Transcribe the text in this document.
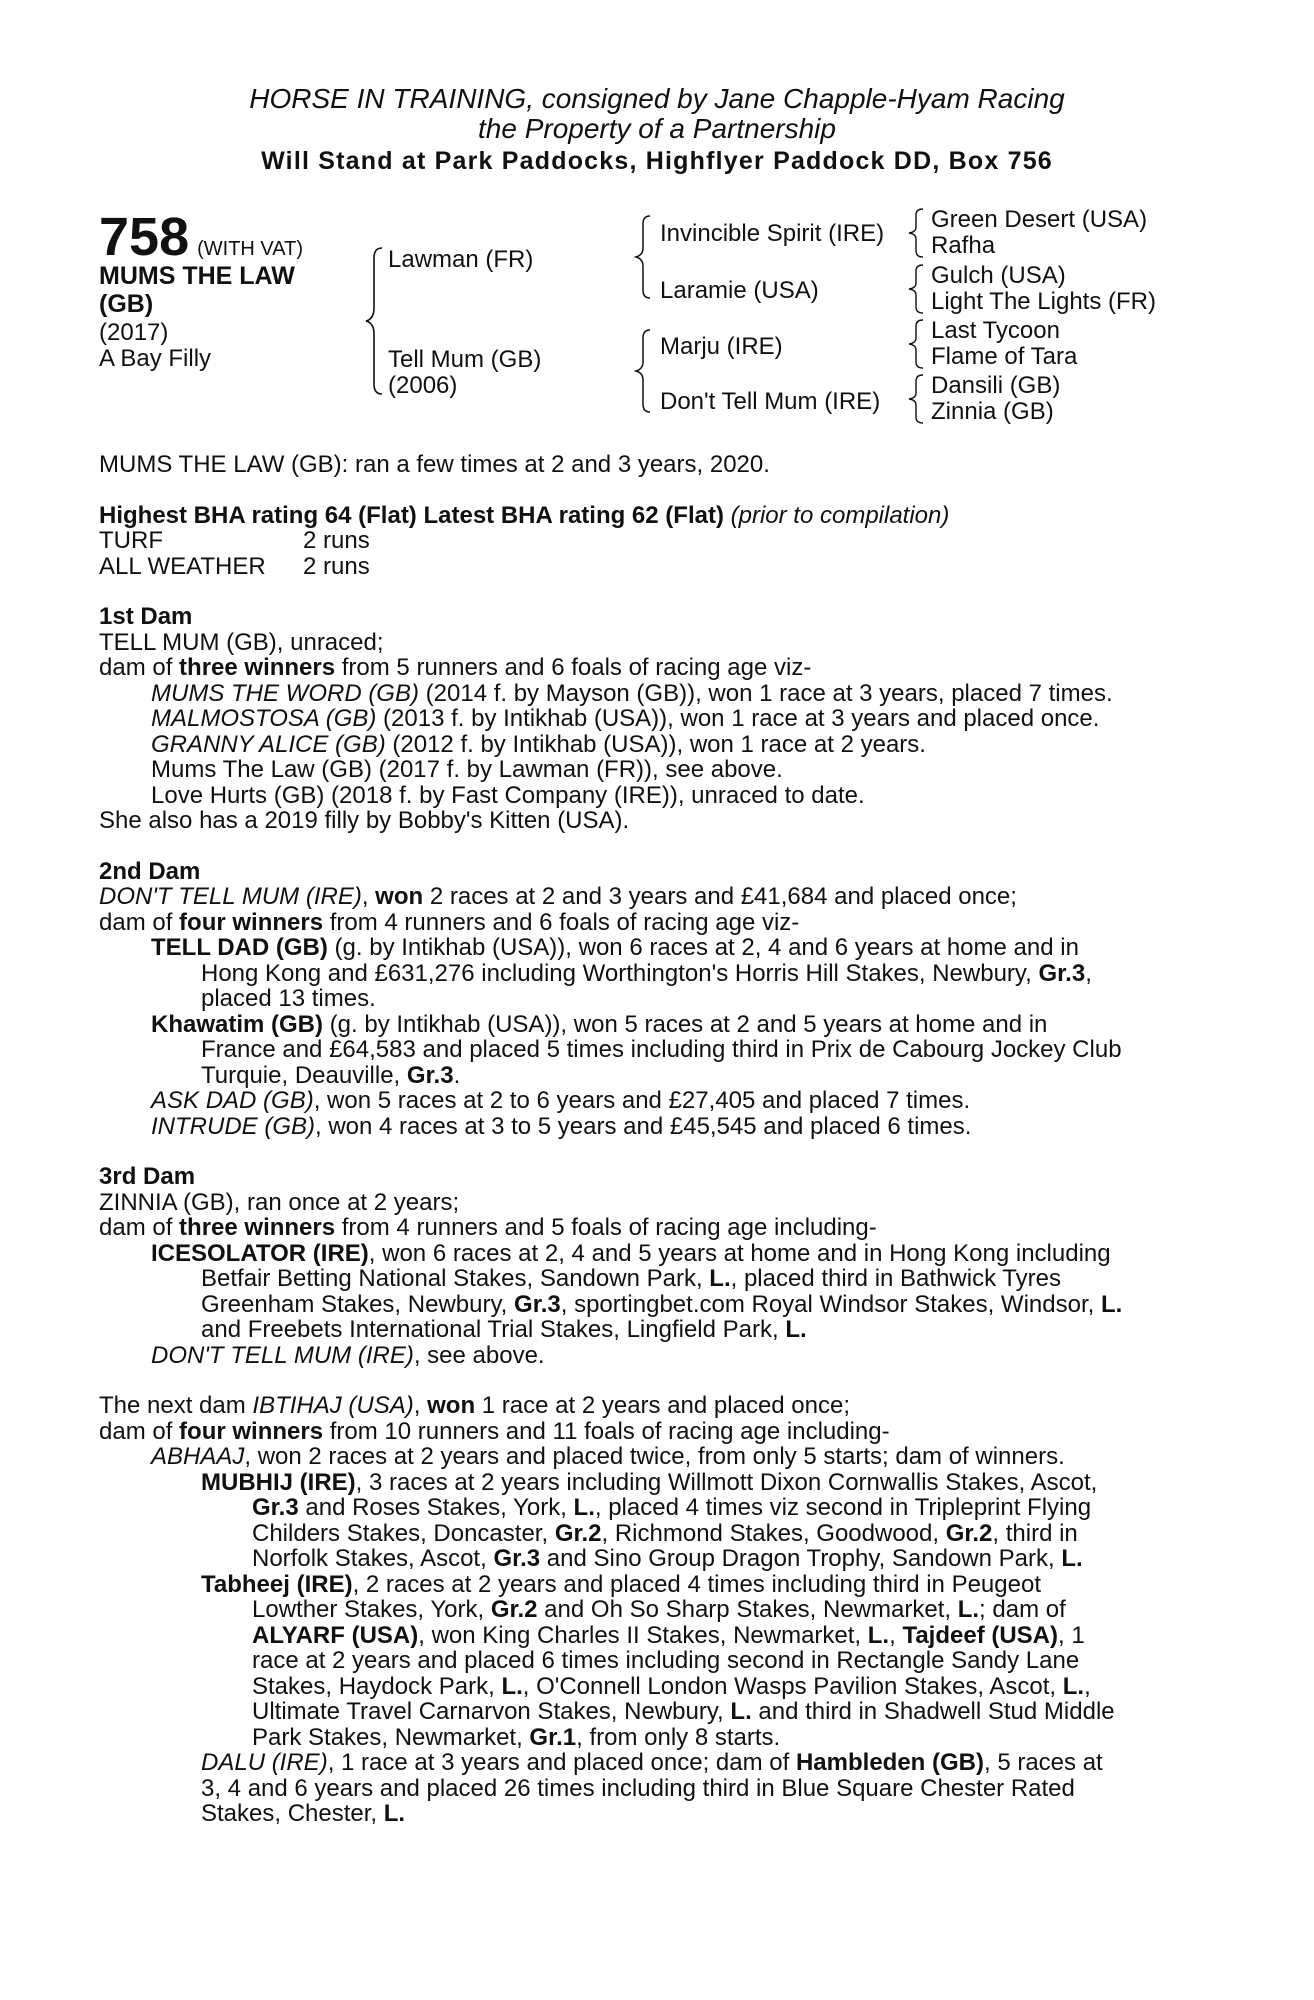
HORSE IN TRAINING, consigned by Jane Chapple-Hyam Racing
the Property of a Partnership
Will Stand at Park Paddocks, Highflyer Paddock DD, Box 756
758 (WITH VAT)
MUMS THE LAW
(GB)
(2017)
A Bay Filly
Lawman (FR)
Tell Mum (GB)
(2006)
Invincible Spirit (IRE)
Laramie (USA)
Marju (IRE)
Don't Tell Mum (IRE)
Green Desert (USA)
Rafha
Gulch (USA)
Light The Lights (FR)
Last Tycoon
Flame of Tara
Dansili (GB)
Zinnia (GB)

MUMS THE LAW (GB): ran a few times at 2 and 3 years, 2020.

Highest BHA rating 64 (Flat) Latest BHA rating 62 (Flat) (prior to compilation)

TURF	2 runs

ALL WEATHER 2 runs

1st Dam

TELL MUM (GB), unraced;

dam of three winners from 5 runners and 6 foals of racing age viz-

MUMS THE WORD (GB) (2014 f. by Mayson (GB)), won 1 race at 3 years, placed 7 times.

MALMOSTOSA (GB) (2013 f. by Intikhab (USA)), won 1 race at 3 years and placed once.

GRANNY ALICE (GB) (2012 f. by Intikhab (USA)), won 1 race at 2 years.

Mums The Law (GB) (2017 f. by Lawman (FR)), see above.

Love Hurts (GB) (2018 f. by Fast Company (IRE)), unraced to date.

She also has a 2019 filly by Bobby's Kitten (USA).

2nd Dam

DON'T TELL MUM (IRE), won 2 races at 2 and 3 years and £41,684 and placed once;

dam of four winners from 4 runners and 6 foals of racing age viz-

TELL DAD (GB) (g. by Intikhab (USA)), won 6 races at 2, 4 and 6 years at home and in

Hong Kong and £631,276 including Worthington's Horris Hill Stakes, Newbury, Gr.3,

placed 13 times.

Khawatim (GB) (g. by Intikhab (USA)), won 5 races at 2 and 5 years at home and in

France and £64,583 and placed 5 times including third in Prix de Cabourg Jockey Club

Turquie, Deauville, Gr.3.

ASK DAD (GB), won 5 races at 2 to 6 years and £27,405 and placed 7 times.

INTRUDE (GB), won 4 races at 3 to 5 years and £45,545 and placed 6 times.

3rd Dam

ZINNIA (GB), ran once at 2 years;

dam of three winners from 4 runners and 5 foals of racing age including-

ICESOLATOR (IRE), won 6 races at 2, 4 and 5 years at home and in Hong Kong including

Betfair Betting National Stakes, Sandown Park, L., placed third in Bathwick Tyres

Greenham Stakes, Newbury, Gr.3, sportingbet.com Royal Windsor Stakes, Windsor, L.

and Freebets International Trial Stakes, Lingfield Park, L.

DON'T TELL MUM (IRE), see above.

The next dam IBTIHAJ (USA), won 1 race at 2 years and placed once;

dam of four winners from 10 runners and 11 foals of racing age including-

ABHAAJ, won 2 races at 2 years and placed twice, from only 5 starts; dam of winners.

MUBHIJ (IRE), 3 races at 2 years including Willmott Dixon Cornwallis Stakes, Ascot,

Gr.3 and Roses Stakes, York, L., placed 4 times viz second in Tripleprint Flying

Childers Stakes, Doncaster, Gr.2, Richmond Stakes, Goodwood, Gr.2, third in

Norfolk Stakes, Ascot, Gr.3 and Sino Group Dragon Trophy, Sandown Park, L.

Tabheej (IRE), 2 races at 2 years and placed 4 times including third in Peugeot

Lowther Stakes, York, Gr.2 and Oh So Sharp Stakes, Newmarket, L.; dam of

ALYARF (USA), won King Charles II Stakes, Newmarket, L., Tajdeef (USA), 1

race at 2 years and placed 6 times including second in Rectangle Sandy Lane

Stakes, Haydock Park, L., O'Connell London Wasps Pavilion Stakes, Ascot, L.,

Ultimate Travel Carnarvon Stakes, Newbury, L. and third in Shadwell Stud Middle

Park Stakes, Newmarket, Gr.1, from only 8 starts.

DALU (IRE), 1 race at 3 years and placed once; dam of Hambleden (GB), 5 races at

3, 4 and 6 years and placed 26 times including third in Blue Square Chester Rated

Stakes, Chester, L.
